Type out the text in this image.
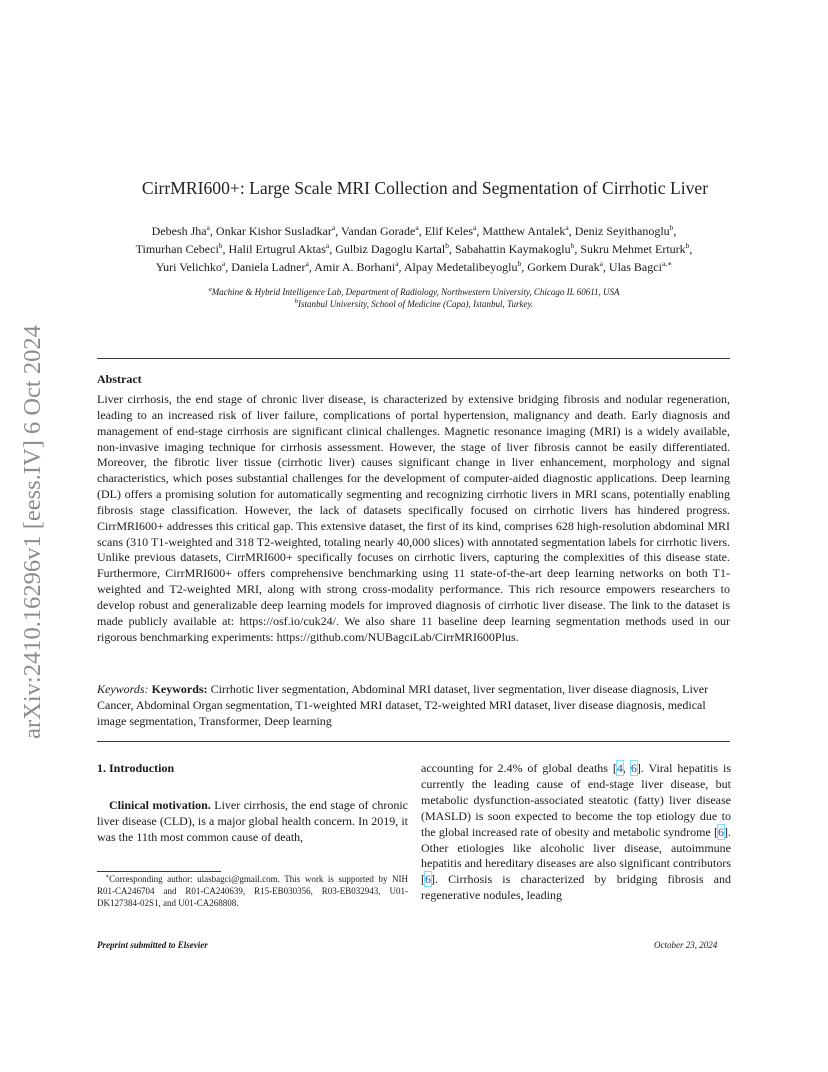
arXiv:2410.16296v1 [eess.IV] 6 Oct 2024
CirrMRI600+: Large Scale MRI Collection and Segmentation of Cirrhotic Liver
Debesh Jha$^a$, Onkar Kishor Susladkar$^a$, Vandan Gorade$^a$, Elif Keles$^a$, Matthew Antalek$^a$, Deniz Seyithanoglu$^b$,
Timurhan Cebeci$^b$, Halil Ertugrul Aktas$^a$, Gulbiz Dagoglu Kartal$^b$, Sabahattin Kaymakoglu$^b$, Sukru Mehmet Erturk$^b$,
Yuri Velichko$^a$, Daniela Ladner$^a$, Amir A. Borhani$^a$, Alpay Medetalibeyoglu$^b$, Gorkem Durak$^a$, Ulas Bagci$^{a,∗}$
$^a$Machine & Hybrid Intelligence Lab, Department of Radiology, Northwestern University, Chicago IL 60611, USA
$^b$Istanbul University, School of Medicine (Capa), Istanbul, Turkey.
Abstract
Liver cirrhosis, the end stage of chronic liver disease, is characterized by extensive bridging fibrosis and nodular regeneration, leading to an increased risk of liver failure, complications of portal hypertension, malignancy and death. Early diagnosis and management of end-stage cirrhosis are significant clinical challenges. Magnetic resonance imaging (MRI) is a widely available, non-invasive imaging technique for cirrhosis assessment. However, the stage of liver fibrosis cannot be easily differentiated. Moreover, the fibrotic liver tissue (cirrhotic liver) causes significant change in liver enhancement, morphology and signal characteristics, which poses substantial challenges for the development of computer-aided diagnostic applications. Deep learning (DL) offers a promising solution for automatically segmenting and recognizing cirrhotic livers in MRI scans, potentially enabling fibrosis stage classification. However, the lack of datasets specifically focused on cirrhotic livers has hindered progress. CirrMRI600+ addresses this critical gap. This extensive dataset, the first of its kind, comprises 628 high-resolution abdominal MRI scans (310 T1-weighted and 318 T2-weighted, totaling nearly 40,000 slices) with annotated segmentation labels for cirrhotic livers. Unlike previous datasets, CirrMRI600+ specifically focuses on cirrhotic livers, capturing the complexities of this disease state. Furthermore, CirrMRI600+ offers comprehensive benchmarking using 11 state-of-the-art deep learning networks on both T1-weighted and T2-weighted MRI, along with strong cross-modality performance. This rich resource empowers researchers to develop robust and generalizable deep learning models for improved diagnosis of cirrhotic liver disease. The link to the dataset is made publicly available at: https://osf.io/cuk24/. We also share 11 baseline deep learning segmentation methods used in our rigorous benchmarking experiments: https://github.com/NUBagciLab/CirrMRI600Plus.
Keywords: Keywords: Cirrhotic liver segmentation, Abdominal MRI dataset, liver segmentation, liver disease diagnosis, Liver Cancer, Abdominal Organ segmentation, T1-weighted MRI dataset, T2-weighted MRI dataset, liver disease diagnosis, medical image segmentation, Transformer, Deep learning
1. Introduction
Clinical motivation. Liver cirrhosis, the end stage of chronic liver disease (CLD), is a major global health concern. In 2019, it was the 11th most common cause of death,
∗Corresponding author: ulasbagci@gmail.com. This work is supported by NIH R01-CA246704 and R01-CA240639, R15-EB030356, R03-EB032943, U01-DK127384-02S1, and U01-CA268808.
accounting for 2.4% of global deaths [4, 6]. Viral hepatitis is currently the leading cause of end-stage liver disease, but metabolic dysfunction-associated steatotic (fatty) liver disease (MASLD) is soon expected to become the top etiology due to the global increased rate of obesity and metabolic syndrome [6]. Other etiologies like alcoholic liver disease, autoimmune hepatitis and hereditary diseases are also significant contributors [6]. Cirrhosis is characterized by bridging fibrosis and regenerative nodules, leading
Preprint submitted to Elsevier	October 23, 2024
